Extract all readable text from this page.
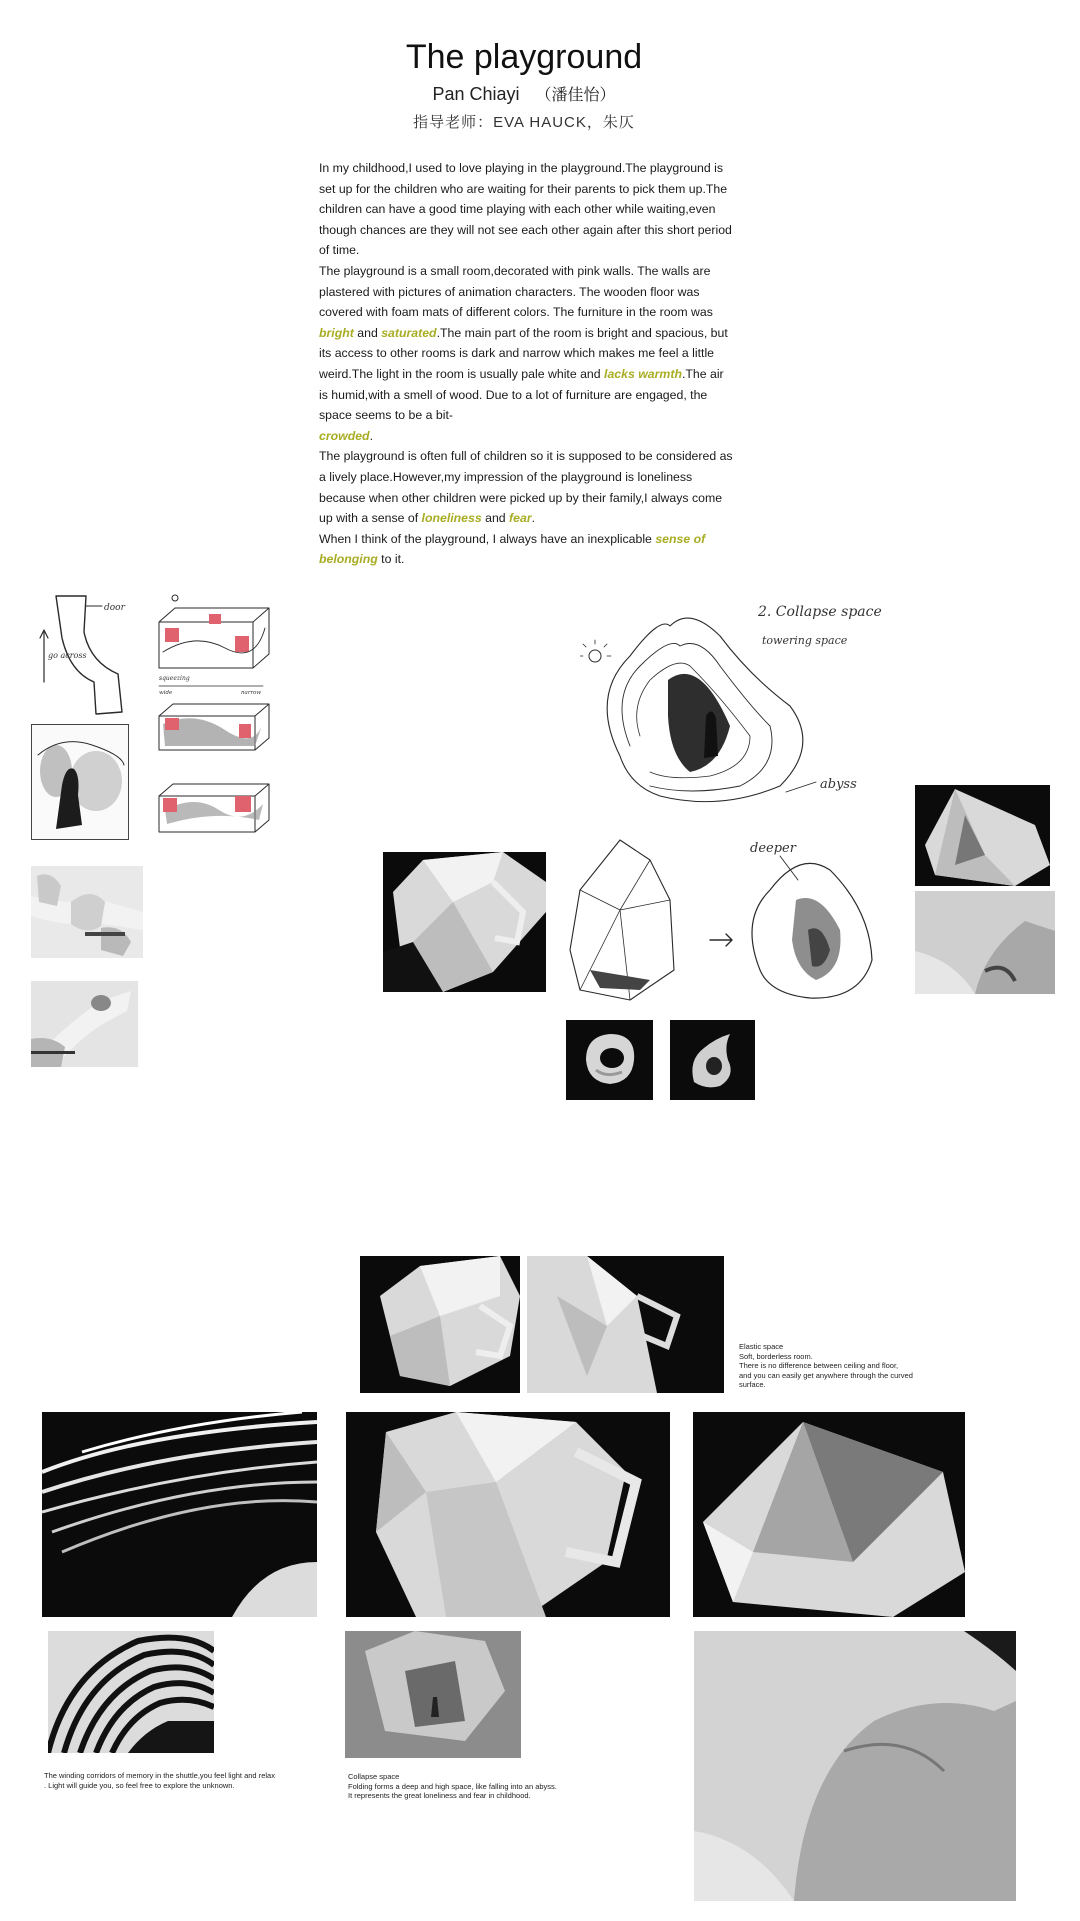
The playground
Pan Chiayi （潘佳怡）
指导老师：EVA HAUCK，朱仄

In my childhood,I used to love playing in the playground.The playground is set up for the children who are waiting for their parents to pick them up.The children can have a good time playing with each other while waiting,even though chances are they will not see each other again after this short period of time.

The playground is a small room,decorated with pink walls. The walls are plastered with pictures of animation characters. The wooden floor was covered with foam mats of different colors. The furniture in the room was bright and saturated.The main part of the room is bright and spacious, but its access to other rooms is dark and narrow which makes me feel a little weird.The light in the room is usually pale white and lacks warmth.The air is humid,with a smell of wood. Due to a lot of furniture are engaged, the space seems to be a bit-
crowded.

The playground is often full of children so it is supposed to be considered as a lively place.However,my impression of the playground is loneliness because when other children were picked up by their family,I always come up with a sense of loneliness and fear.

When I think of the playground, I always have an inexplicable sense of belonging to it.

door
go across
squeezing
wide	narrow
2. Collapse space
towering space
abyss
deeper

Elastic space

Soft, borderless room.

There is no difference between ceiling and floor,

and you can easily get anywhere through the curved

surface.

The winding corridors of memory in the shuttle,you feel light and relax

. Light will guide you, so feel free to explore the unknown.

Collapse space

Folding forms a deep and high space, like falling into an abyss.

It represents the great loneliness and fear in childhood.
